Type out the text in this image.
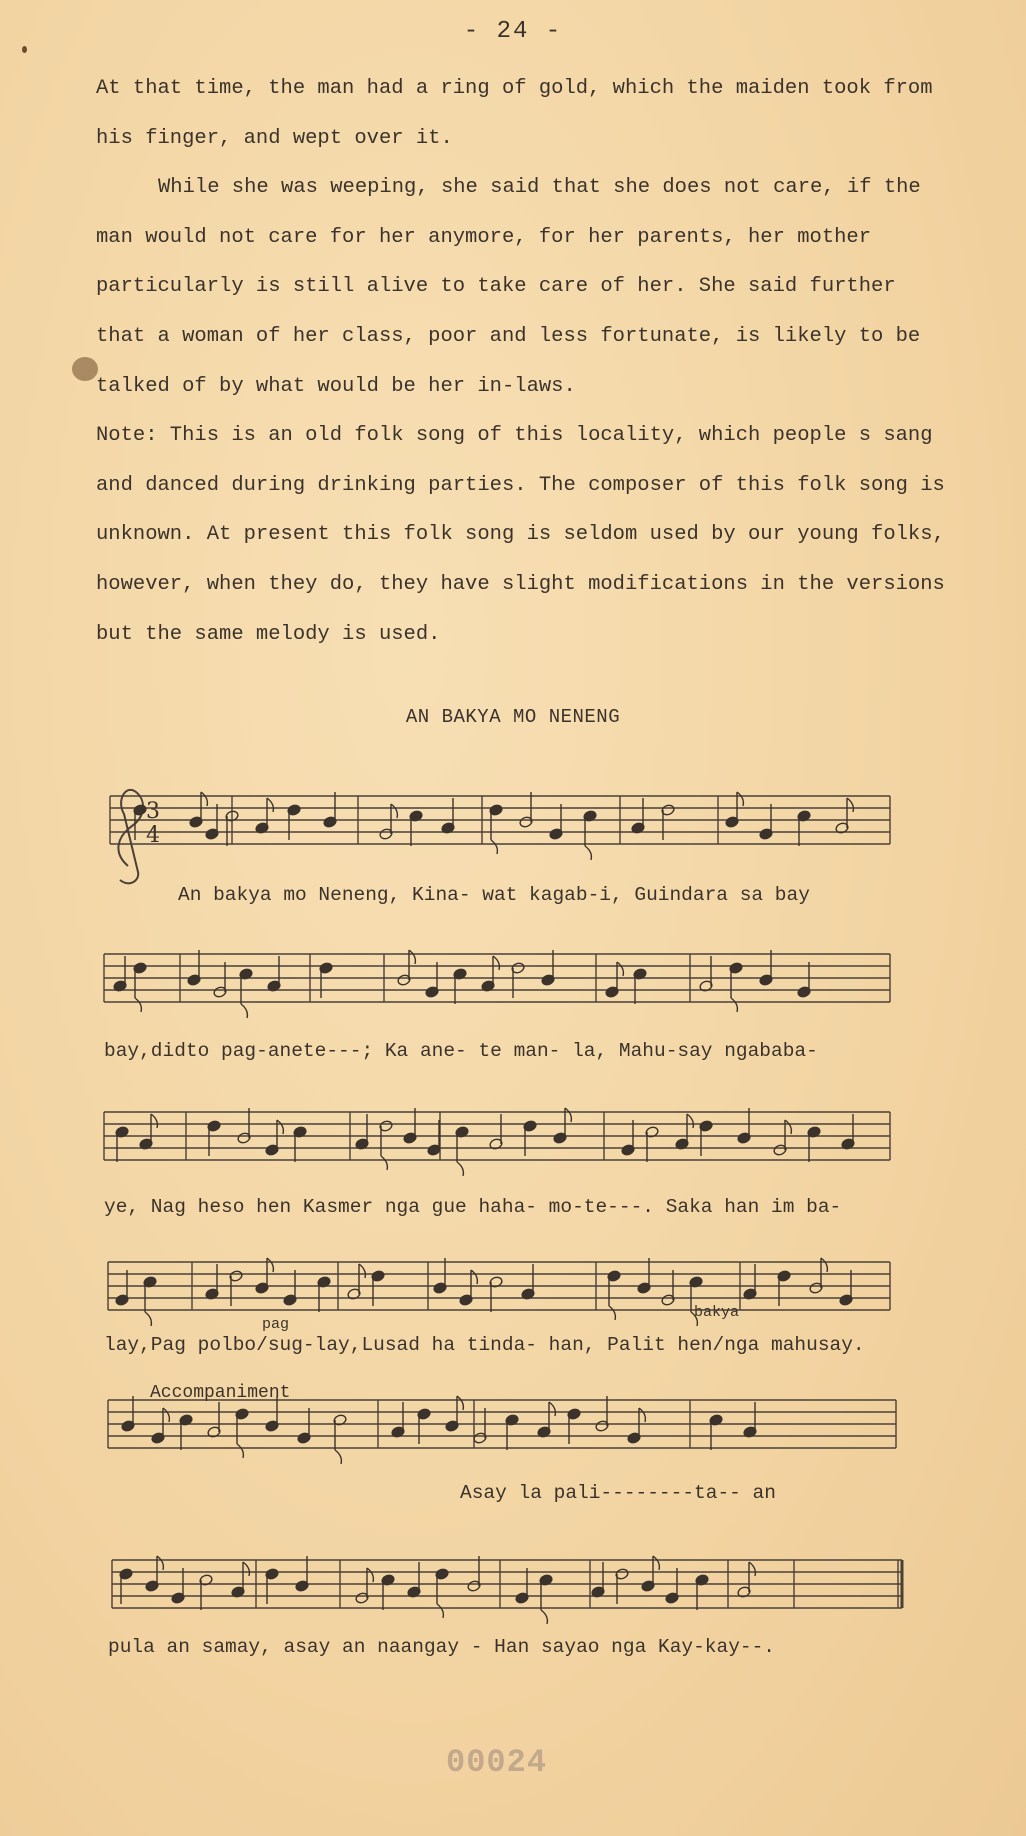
- 24 -

At that time, the man had a ring of gold, which the maiden took from his finger, and wept over it.

While she was weeping, she said that she does not care, if the man would not care for her anymore, for her parents, her mother particularly is still alive to take care of her. She said further that a woman of her class, poor and less fortunate, is likely to be talked of by what would be her in-laws.

Note: This is an old folk song of this locality, which people s sang and danced during drinking parties. The composer of this folk song is unknown. At present this folk song is seldom used by our young folks, however, when they do, they have slight modifications in the versions but the same melody is used.

AN BAKYA MO NENENG
3
4
An bakya mo Neneng, Kina- wat kagab-i, Guindara sa bay
bay,didto pag-anete---; Ka ane- te man- la, Mahu-say ngababa-
ye, Nag heso hen Kasmer nga gue haha- mo-te---. Saka han im ba-
pag
bakya
lay,Pag polbo/sug-lay,Lusad ha tinda- han, Palit hen/nga mahusay.
Accompaniment
Asay la pali--------ta-- an
pula an samay, asay an naangay - Han sayao nga Kay-kay--.
00024
